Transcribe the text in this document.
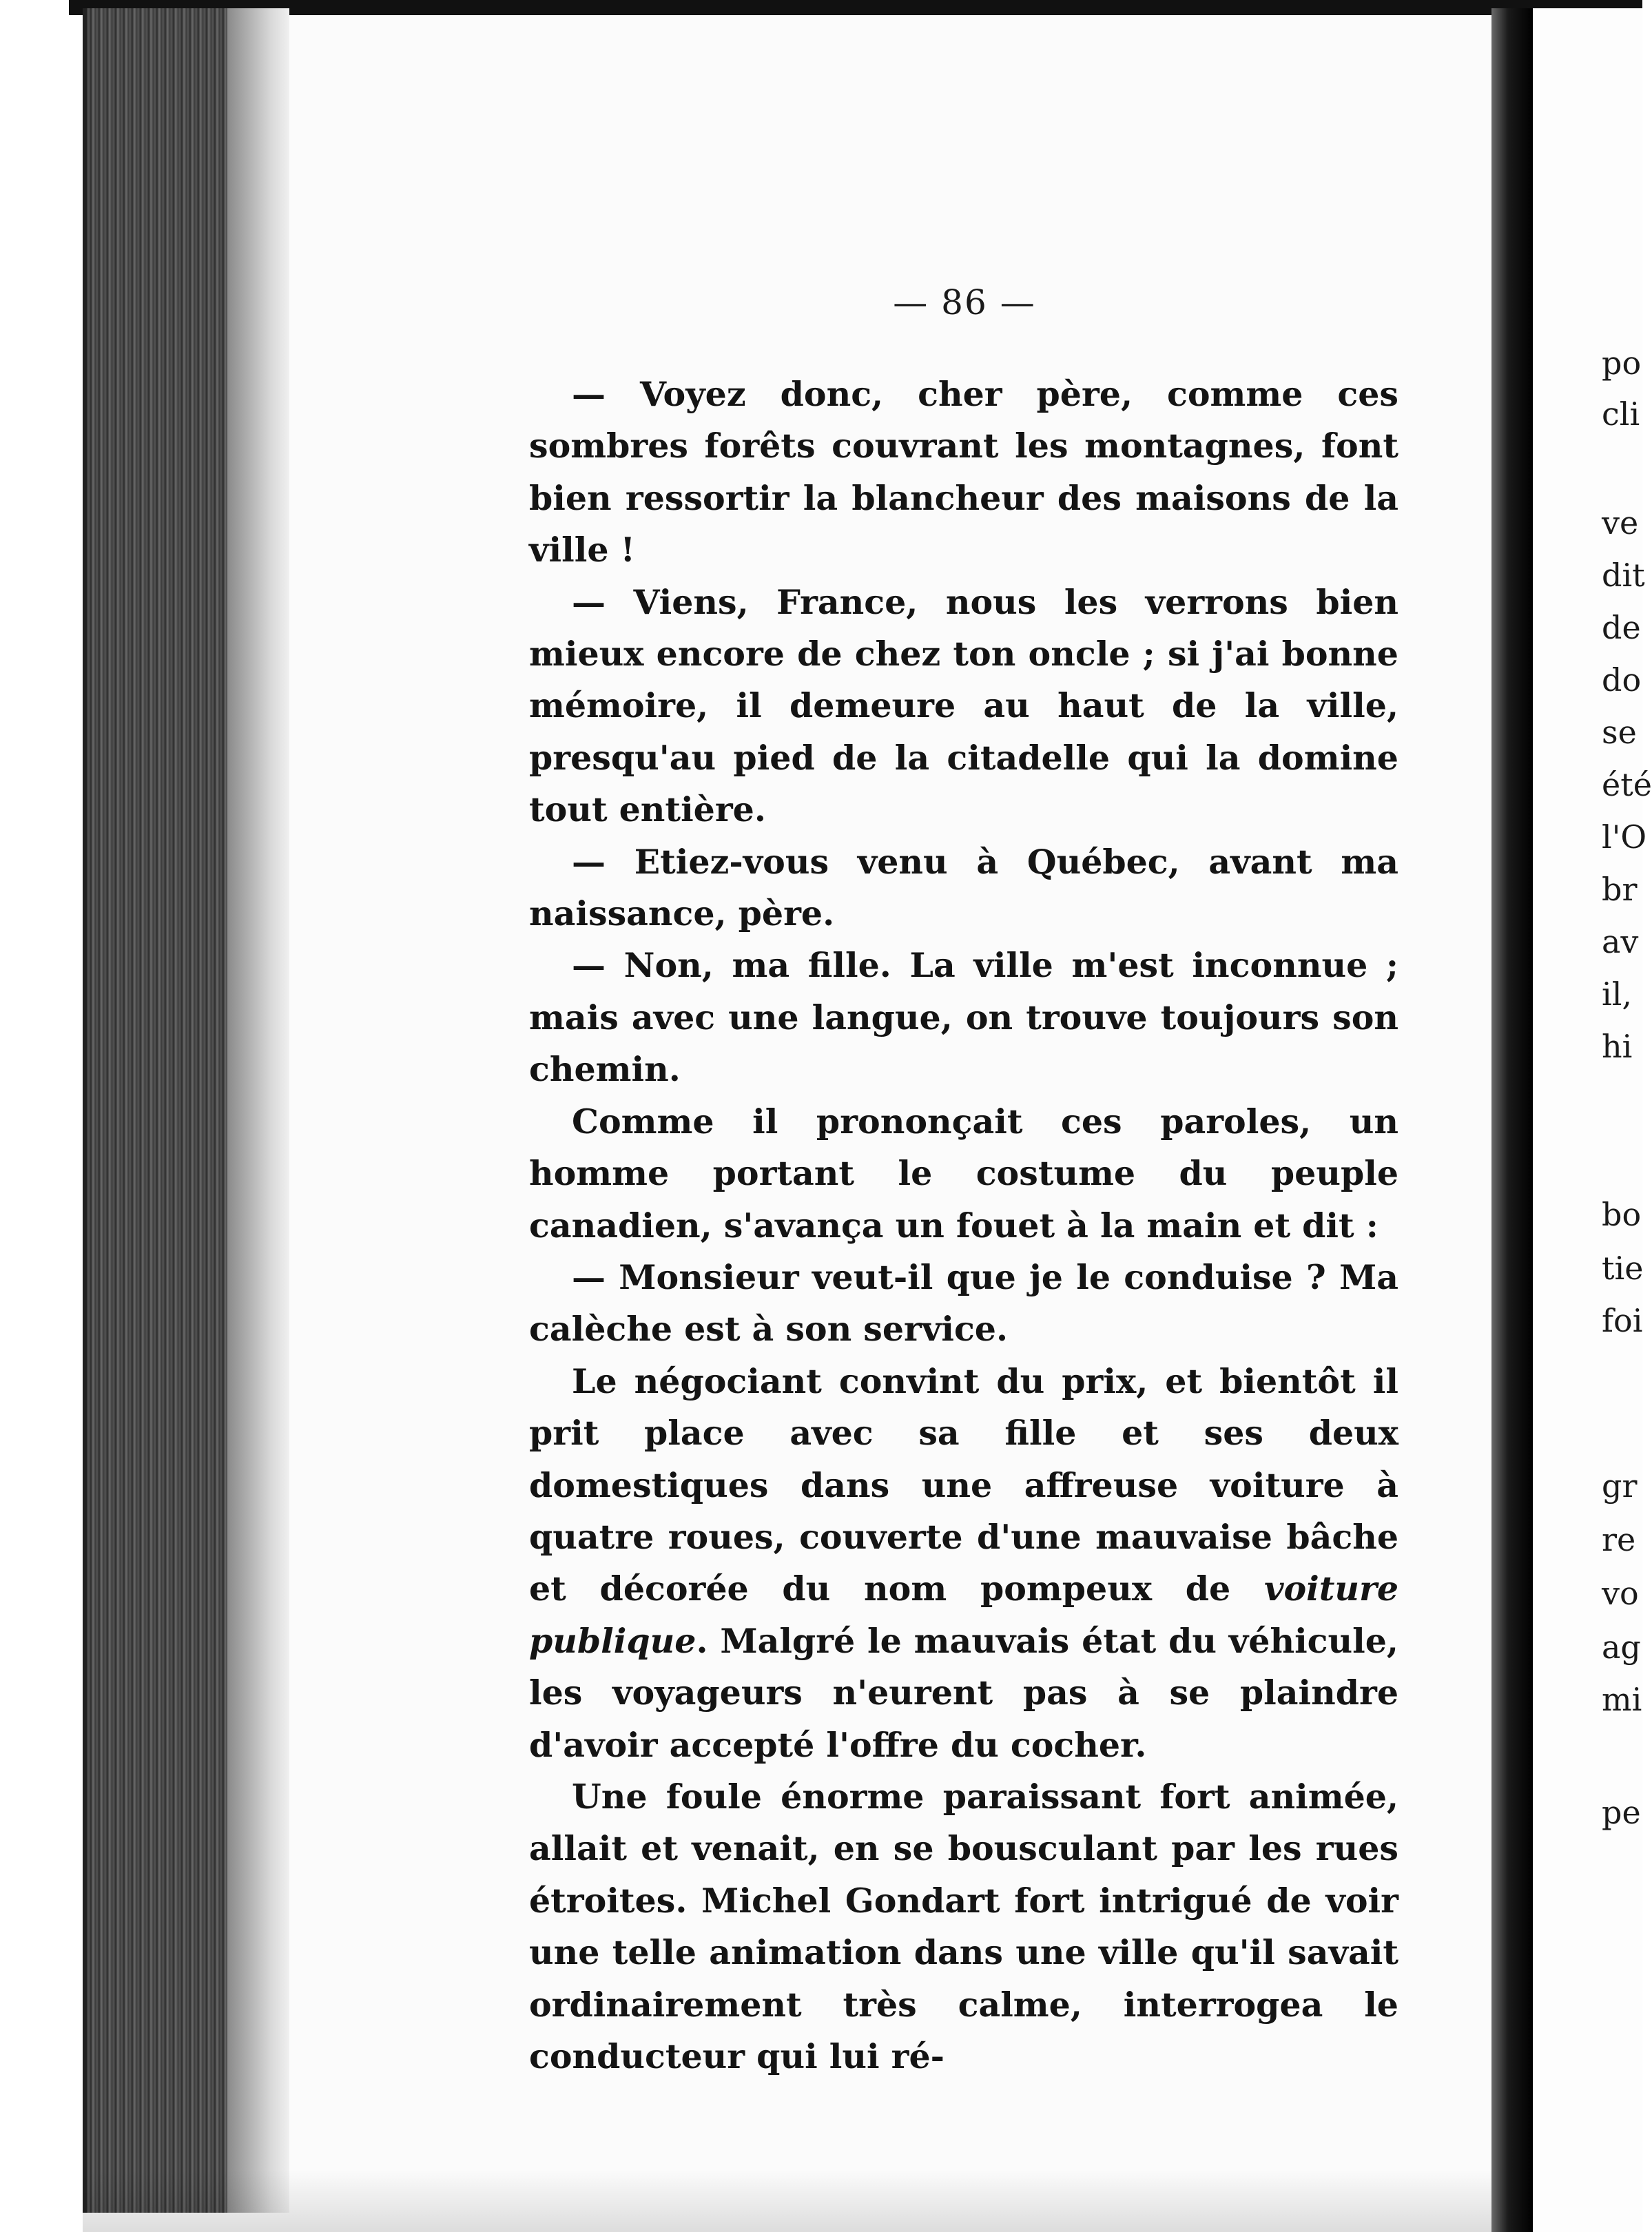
— 86 —

— Voyez donc, cher père, comme ces sombres forêts couvrant les montagnes, font bien ressortir la blancheur des maisons de la ville !

— Viens, France, nous les verrons bien mieux encore de chez ton oncle ; si j'ai bonne mémoire, il demeure au haut de la ville, presqu'au pied de la citadelle qui la domine tout entière.

— Etiez-vous venu à Québec, avant ma naissance, père.

— Non, ma fille. La ville m'est inconnue ; mais avec une langue, on trouve toujours son chemin.

Comme il prononçait ces paroles, un homme portant le costume du peuple canadien, s'avança un fouet à la main et dit :

— Monsieur veut-il que je le conduise ? Ma calèche est à son service.

Le négociant convint du prix, et bientôt il prit place avec sa fille et ses deux domestiques dans une affreuse voiture à quatre roues, couverte d'une mauvaise bâche et décorée du nom pompeux de voiture publique. Malgré le mauvais état du véhicule, les voyageurs n'eurent pas à se plaindre d'avoir accepté l'offre du cocher.

Une foule énorme paraissant fort animée, allait et venait, en se bousculant par les rues étroites. Michel Gondart fort intrigué de voir une telle animation dans une ville qu'il savait ordinairement très calme, interrogea le conducteur qui lui ré-

po
cli
ve
dit
de
do
se
été
l'O
br
av
il,
hi
bo
tie
foi
gr
re
vo
ag
mi
pe
